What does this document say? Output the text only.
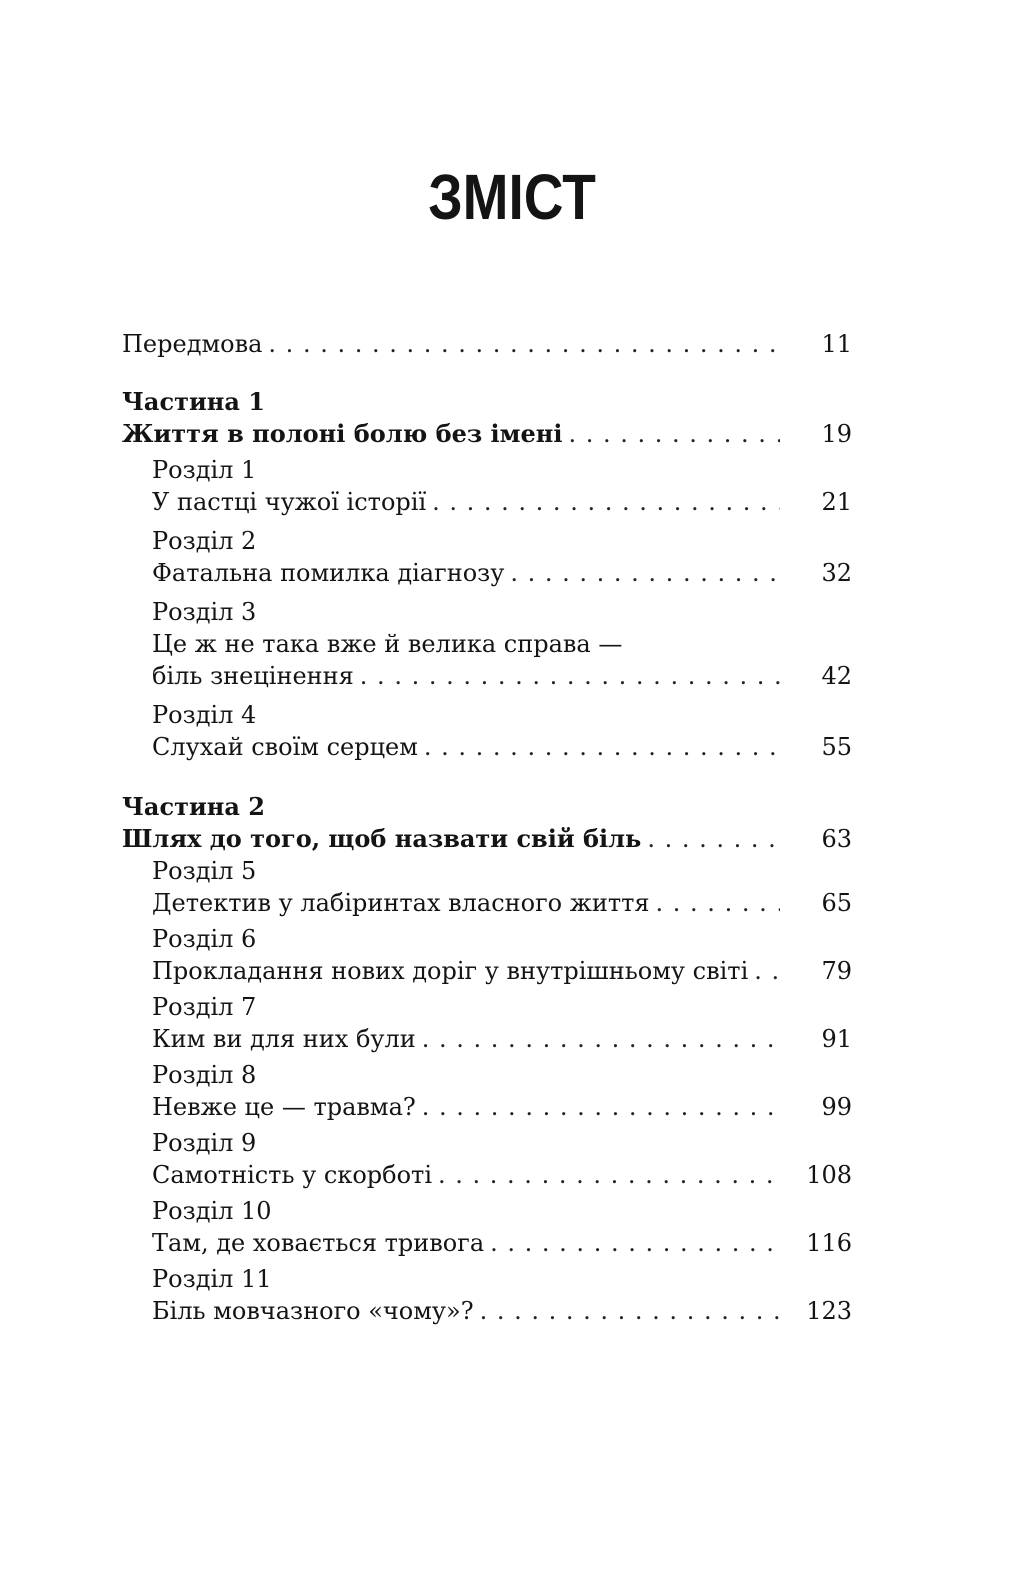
ЗМІСТ
Передмова . . .	11
Частина 1
Життя в полоні болю без імені . . .	19
Розділ 1
У пастці чужої історії . . .	21
Розділ 2
Фатальна помилка діагнозу . . .	32
Розділ 3
Це ж не така вже й велика справа —
біль знецінення . . .	42
Розділ 4
Слухай своїм серцем . . .	55
Частина 2
Шлях до того, щоб назвати свій біль . . .	63
Розділ 5
Детектив у лабіринтах власного життя . . .	65
Розділ 6
Прокладання нових доріг у внутрішньому світі . . .	79
Розділ 7
Ким ви для них були . . .	91
Розділ 8
Невже це — травма? . . .	99
Розділ 9
Самотність у скорботі . . .	108
Розділ 10
Там, де ховається тривога . . .	116
Розділ 11
Біль мовчазного «чому»? . . .	123
